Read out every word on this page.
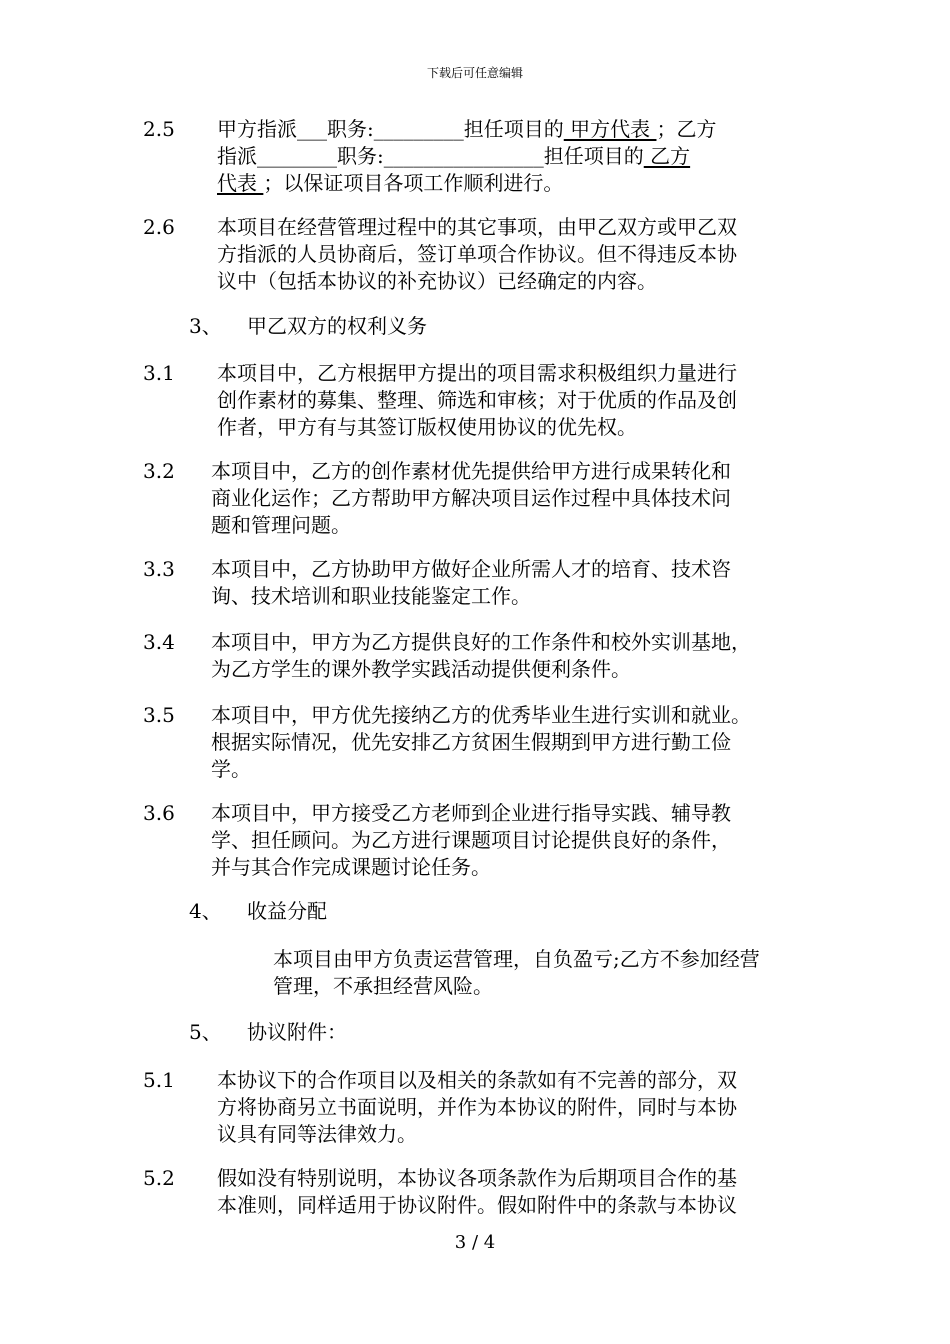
下载后可任意编辑
2.5 甲方指派___职务:_________担任项目的 甲方代表 ；乙方
指派________职务:________________担任项目的 乙方
代表 ；以保证项目各项工作顺利进行。
2.6 本项目在经营管理过程中的其它事项，由甲乙双方或甲乙双
方指派的人员协商后，签订单项合作协议。但不得违反本协
议中（包括本协议的补充协议）已经确定的内容。
3、 甲乙双方的权利义务
3.1 本项目中，乙方根据甲方提出的项目需求积极组织力量进行
创作素材的募集、整理、筛选和审核；对于优质的作品及创
作者，甲方有与其签订版权使用协议的优先权。
3.2 本项目中，乙方的创作素材优先提供给甲方进行成果转化和
商业化运作；乙方帮助甲方解决项目运作过程中具体技术问
题和管理问题。
3.3 本项目中，乙方协助甲方做好企业所需人才的培育、技术咨
询、技术培训和职业技能鉴定工作。
3.4 本项目中，甲方为乙方提供良好的工作条件和校外实训基地，
为乙方学生的课外教学实践活动提供便利条件。
3.5 本项目中，甲方优先接纳乙方的优秀毕业生进行实训和就业。
根据实际情况，优先安排乙方贫困生假期到甲方进行勤工俭
学。
3.6 本项目中，甲方接受乙方老师到企业进行指导实践、辅导教
学、担任顾问。为乙方进行课题项目讨论提供良好的条件，
并与其合作完成课题讨论任务。
4、 收益分配
本项目由甲方负责运营管理，自负盈亏;乙方不参加经营
管理，不承担经营风险。
5、 协议附件：
5.1 本协议下的合作项目以及相关的条款如有不完善的部分，双
方将协商另立书面说明，并作为本协议的附件，同时与本协
议具有同等法律效力。
5.2 假如没有特别说明，本协议各项条款作为后期项目合作的基
本准则，同样适用于协议附件。假如附件中的条款与本协议
3 / 4
